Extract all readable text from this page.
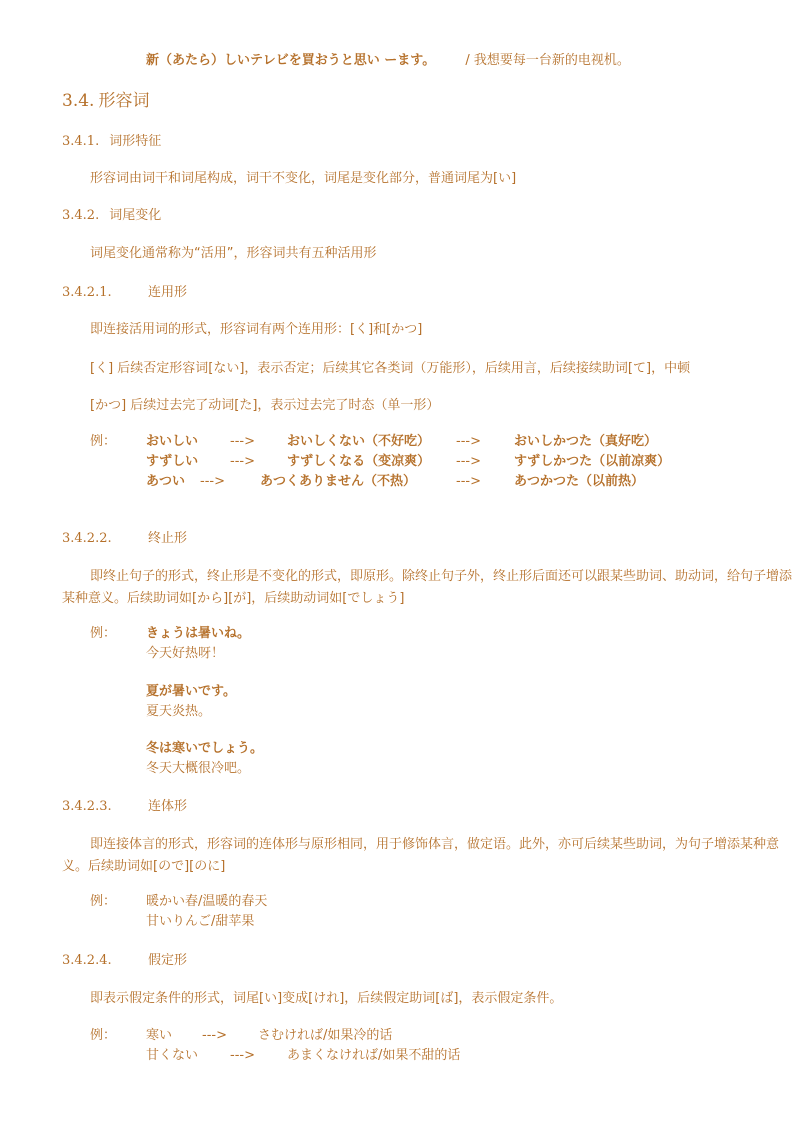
新（あたら）しいテレビを買おうと思い ーます。 / 我想要每一台新的电视机。
3.4. 形容词
3.4.1. 词形特征
形容词由词干和词尾构成，词干不变化，词尾是变化部分，普通词尾为[い]
3.4.2. 词尾变化
词尾变化通常称为“活用”，形容词共有五种活用形
3.4.2.1.	连用形
即连接活用词的形式，形容词有两个连用形：[く]和[かつ]
[く] 后续否定形容词[ない]，表示否定；后续其它各类词（万能形），后续用言，后续接续助词[て]，中顿
[かつ] 后续过去完了动词[た]，表示过去完了时态（单一形）
例： おいしい ---> おいしくない（不好吃） --->	おいしかつた（真好吃）
すずしい ---> すずしくなる（变凉爽） --->	すずしかつた（以前凉爽）
あつい --->	あつくありません（不热）	--->	あつかつた（以前热）
3.4.2.2.	终止形
即终止句子的形式，终止形是不变化的形式，即原形。除终止句子外，终止形后面还可以跟某些助词、助动词，给句子增添某种意义。后续助词如[から][が]，后续助动词如[でしょう]
例： きょうは暑いね。
今天好热呀！
夏が暑いです。
夏天炎热。
冬は寒いでしょう。
冬天大概很冷吧。
3.4.2.3.	连体形
即连接体言的形式，形容词的连体形与原形相同，用于修饰体言，做定语。此外，亦可后续某些助词，为句子增添某种意义。后续助词如[ので][のに]
例： 暖かい春/温暖的春天
甘いりんご/甜苹果
3.4.2.4.	假定形
即表示假定条件的形式，词尾[い]变成[けれ]，后续假定助词[ば]，表示假定条件。
例： 寒い ---> さむければ/如果冷的话
甘くない ---> あまくなければ/如果不甜的话
